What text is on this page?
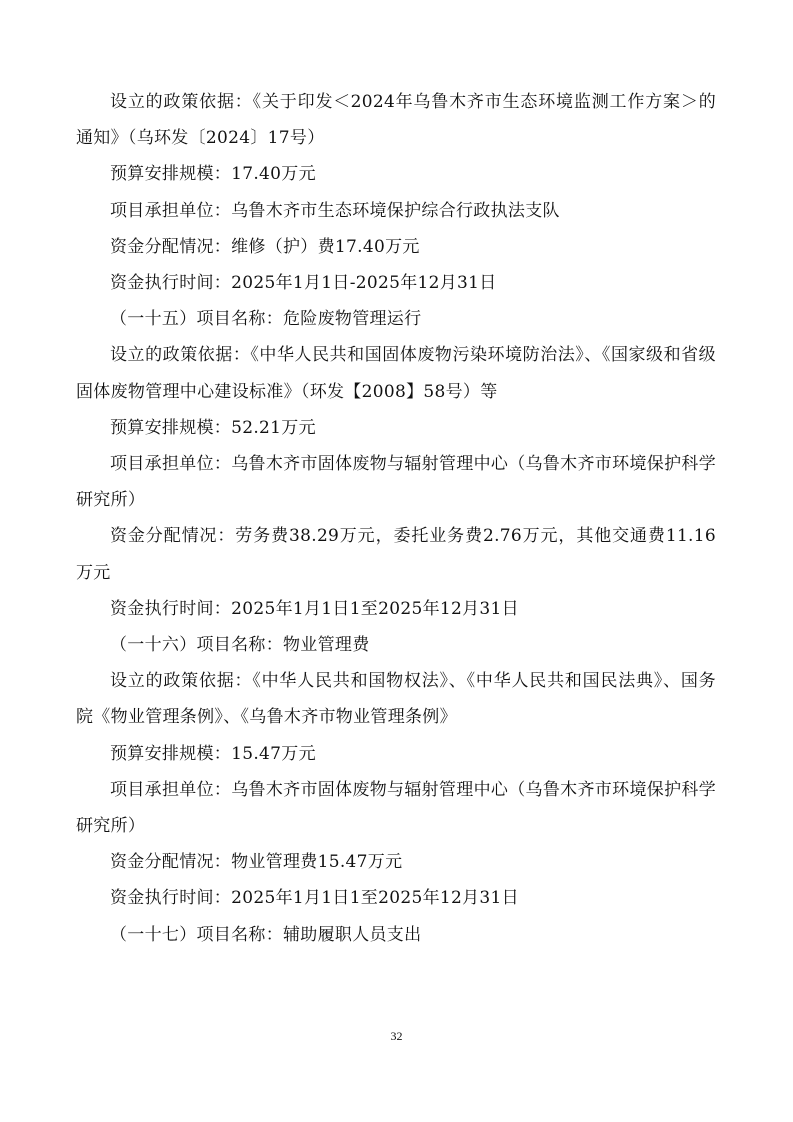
设立的政策依据：《关于印发＜2024年乌鲁木齐市生态环境监测工作方案＞的通知》（乌环发〔2024〕17号）

预算安排规模：17.40万元

项目承担单位：乌鲁木齐市生态环境保护综合行政执法支队

资金分配情况：维修（护）费17.40万元

资金执行时间：2025年1月1日-2025年12月31日

（一十五）项目名称：危险废物管理运行

设立的政策依据：《中华人民共和国固体废物污染环境防治法》、《国家级和省级固体废物管理中心建设标准》（环发【2008】58号）等

预算安排规模：52.21万元

项目承担单位：乌鲁木齐市固体废物与辐射管理中心（乌鲁木齐市环境保护科学研究所）

资金分配情况：劳务费38.29万元，委托业务费2.76万元，其他交通费11.16万元

资金执行时间：2025年1月1日1至2025年12月31日

（一十六）项目名称：物业管理费

设立的政策依据：《中华人民共和国物权法》、《中华人民共和国民法典》、国务院《物业管理条例》、《乌鲁木齐市物业管理条例》

预算安排规模：15.47万元

项目承担单位：乌鲁木齐市固体废物与辐射管理中心（乌鲁木齐市环境保护科学研究所）

资金分配情况：物业管理费15.47万元

资金执行时间：2025年1月1日1至2025年12月31日

（一十七）项目名称：辅助履职人员支出

32
